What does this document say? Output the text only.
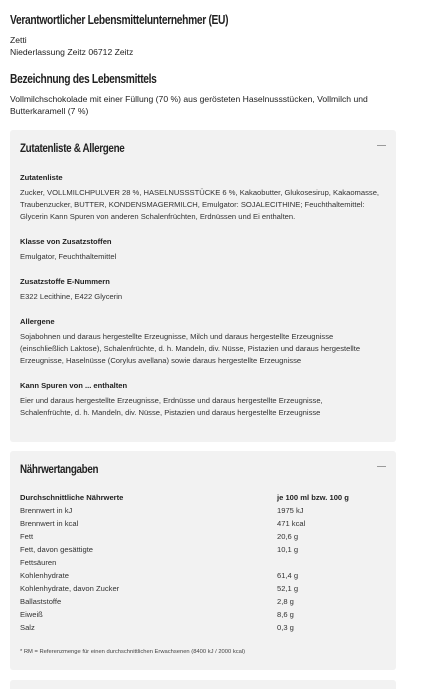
Verantwortlicher Lebensmittelunternehmer (EU)
Zetti
Niederlassung Zeitz 06712 Zeitz
Bezeichnung des Lebensmittels
Vollmilchschokolade mit einer Füllung (70 %) aus gerösteten Haselnussstücken, Vollmilch und Butterkaramell (7 %)
Zutatenliste & Allergene
Zutatenliste
Zucker, VOLLMILCHPULVER 28 %, HASELNUSSSTÜCKE 6 %, Kakaobutter, Glukosesirup, Kakaomasse,
Traubenzucker, BUTTER, KONDENSMAGERMILCH, Emulgator: SOJALECITHINE; Feuchthaltemittel:
Glycerin Kann Spuren von anderen Schalenfrüchten, Erdnüssen und Ei enthalten.
Klasse von Zusatzstoffen
Emulgator, Feuchthaltemittel
Zusatzstoffe E-Nummern
E322 Lecithine, E422 Glycerin
Allergene
Sojabohnen und daraus hergestellte Erzeugnisse, Milch und daraus hergestellte Erzeugnisse
(einschließlich Laktose), Schalenfrüchte, d. h. Mandeln, div. Nüsse, Pistazien und daraus hergestellte
Erzeugnisse, Haselnüsse (Corylus avellana) sowie daraus hergestellte Erzeugnisse
Kann Spuren von ... enthalten
Eier und daraus hergestellte Erzeugnisse, Erdnüsse und daraus hergestellte Erzeugnisse,
Schalenfrüchte, d. h. Mandeln, div. Nüsse, Pistazien und daraus hergestellte Erzeugnisse
Nährwertangaben
Durchschnittliche Nährwerte	je 100 ml bzw. 100 g
Brennwert in kJ	1975 kJ
Brennwert in kcal	471 kcal
Fett	20,6 g
Fett, davon gesättigte	10,1 g
Fettsäuren
Kohlenhydrate	61,4 g
Kohlenhydrate, davon Zucker	52,1 g
Ballaststoffe	2,8 g
Eiweiß	8,6 g
Salz	0,3 g
* RM = Referenzmenge für einen durchschnittlichen Erwachsenen (8400 kJ / 2000 kcal)
